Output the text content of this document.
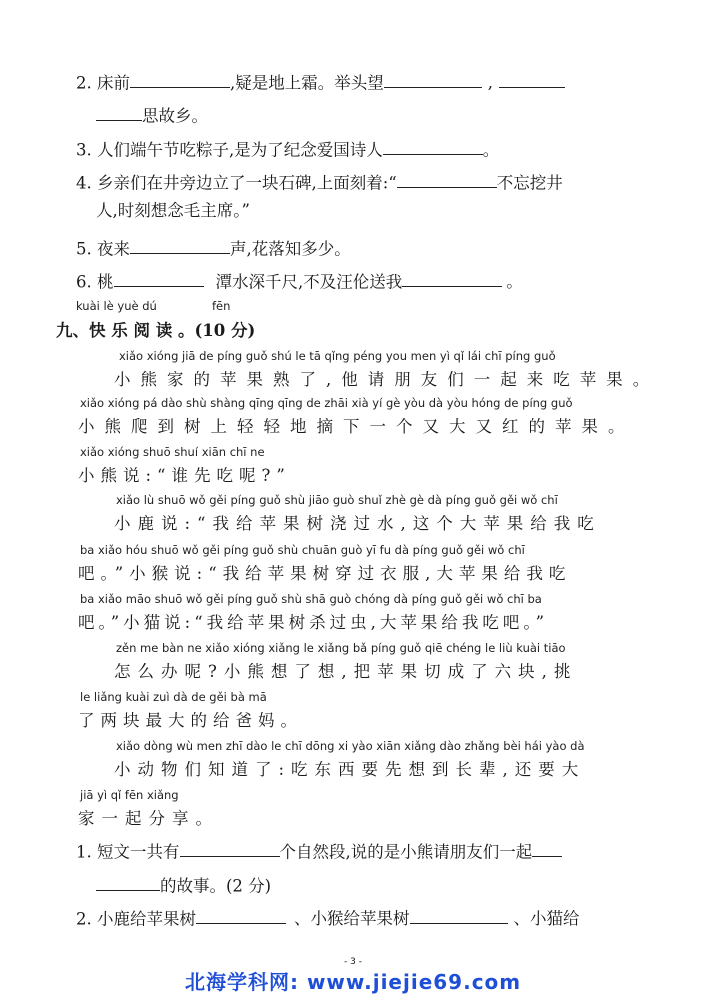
2. 床前	,疑是地上霜。举头望	,
思故乡。
3. 人们端午节吃粽子,是为了纪念爱国诗人	。
4. 乡亲们在井旁边立了一块石碑,上面刻着:“	不忘挖井
人,时刻想念毛主席。”
5. 夜来	声,花落知多少。
6. 桃	潭水深千尺,不及汪伦送我	。
kuài lè yuè dú	fēn
九、快 乐 阅 读 。(10 分)
xiǎo xióng jiā de píng guǒ shú le tā qǐng péng you men yì qǐ lái chī píng guǒ
小熊家的苹果熟了,他请朋友们一起来吃苹果。
xiǎo xióng pá dào shù shàng qīng qīng de zhāi xià yí gè yòu dà yòu hóng de píng guǒ
小熊爬到树上轻轻地摘下一个又大又红的苹果。
xiǎo xióng shuō shuí xiān chī ne
小熊说:“谁先吃呢?”
xiǎo lù shuō wǒ gěi píng guǒ shù jiāo guò shuǐ zhè gè dà píng guǒ gěi wǒ chī
小鹿说:“我给苹果树浇过水,这个大苹果给我吃
ba xiǎo hóu shuō wǒ gěi píng guǒ shù chuān guò yī fu dà píng guǒ gěi wǒ chī
吧。”小猴说:“我给苹果树穿过衣服,大苹果给我吃
ba xiǎo māo shuō wǒ gěi píng guǒ shù shā guò chóng dà píng guǒ gěi wǒ chī ba
吧。”小猫说:“我给苹果树杀过虫,大苹果给我吃吧。”
zěn me bàn ne xiǎo xióng xiǎng le xiǎng bǎ píng guǒ qiē chéng le liù kuài tiāo
怎么办呢?小熊想了想,把苹果切成了六块,挑
le liǎng kuài zuì dà de gěi bà mā
了两块最大的给爸妈。
xiǎo dòng wù men zhī dào le chī dōng xi yào xiān xiǎng dào zhǎng bèi hái yào dà
小动物们知道了:吃东西要先想到长辈,还要大
jiā yì qǐ fēn xiǎng
家一起分享。
1. 短文一共有	个自然段,说的是小熊请朋友们一起
的故事。(2 分)
2. 小鹿给苹果树	、小猴给苹果树	、小猫给
- 3 -
北海学科网: www.jiejie69.com
